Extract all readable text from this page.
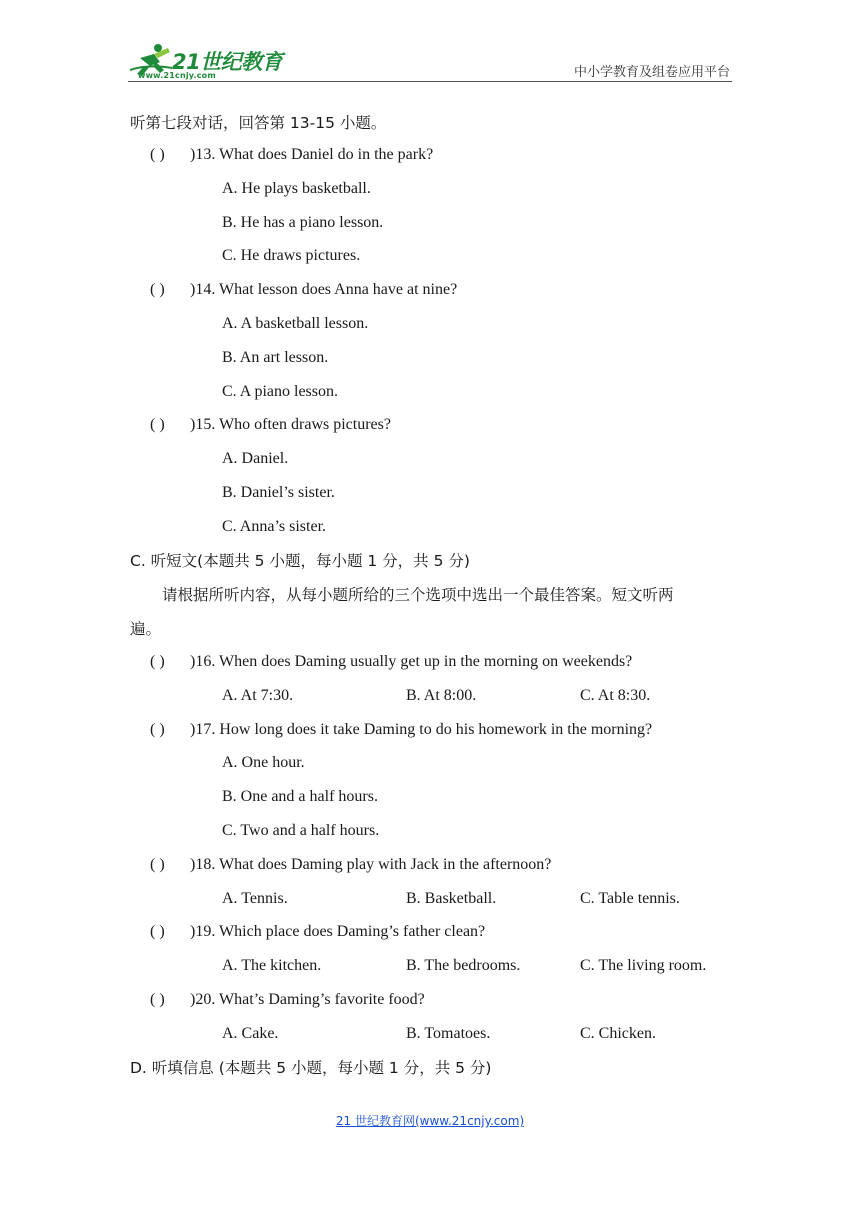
21世纪教育
www.21cnjy.com	中小学教育及组卷应用平台
听第七段对话，回答第 13-15 小题。
( ) )13. What does Daniel do in the park?
A. He plays basketball.
B. He has a piano lesson.
C. He draws pictures.
( ) )14. What lesson does Anna have at nine?
A. A basketball lesson.
B. An art lesson.
C. A piano lesson.
( ) )15. Who often draws pictures?
A. Daniel.
B. Daniel’s sister.
C. Anna’s sister.
C. 听短文(本题共 5 小题，每小题 1 分，共 5 分)
请根据所听内容，从每小题所给的三个选项中选出一个最佳答案。短文听两
遍。
( ) )16. When does Daming usually get up in the morning on weekends?
A. At 7:30.	B. At 8:00.	C. At 8:30.
( ) )17. How long does it take Daming to do his homework in the morning?
A. One hour.
B. One and a half hours.
C. Two and a half hours.
( ) )18. What does Daming play with Jack in the afternoon?
A. Tennis.	B. Basketball.	C. Table tennis.
( ) )19. Which place does Daming’s father clean?
A. The kitchen.	B. The bedrooms.	C. The living room.
( ) )20. What’s Daming’s favorite food?
A. Cake.	B. Tomatoes.	C. Chicken.
D. 听填信息 (本题共 5 小题，每小题 1 分，共 5 分)
21 世纪教育网(www.21cnjy.com)
